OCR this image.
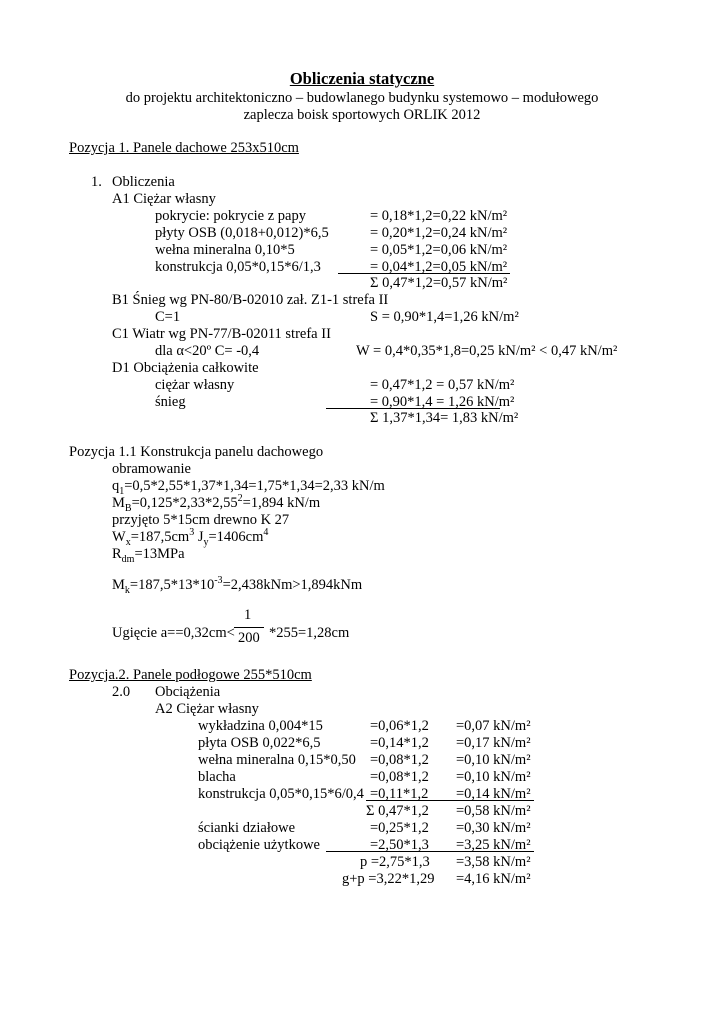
Obliczenia statyczne
do projektu architektoniczno – budowlanego budynku systemowo – modułowego
zaplecza boisk sportowych ORLIK 2012
Pozycja 1. Panele dachowe 253x510cm
1. Obliczenia
A1 Ciężar własny
pokrycie: pokrycie z papy	= 0,18*1,2=0,22 kN/m²
płyty OSB (0,018+0,012)*6,5	= 0,20*1,2=0,24 kN/m²
wełna mineralna 0,10*5	= 0,05*1,2=0,06 kN/m²
konstrukcja 0,05*0,15*6/1,3	= 0,04*1,2=0,05 kN/m²
Σ 0,47*1,2=0,57 kN/m²
B1 Śnieg wg PN-80/B-02010 zał. Z1-1 strefa II
C=1	S = 0,90*1,4=1,26 kN/m²
C1 Wiatr wg PN-77/B-02011 strefa II
dla α<20º C= -0,4	W = 0,4*0,35*1,8=0,25 kN/m² < 0,47 kN/m²
D1 Obciążenia całkowite
ciężar własny	= 0,47*1,2 = 0,57 kN/m²
śnieg	= 0,90*1,4 = 1,26 kN/m²
Σ 1,37*1,34= 1,83 kN/m²
Pozycja 1.1 Konstrukcja panelu dachowego
obramowanie
$q_1=0,5*2,55*1,37*1,34=1,75*1,34=2,33$ kN/m
$M_B=0,125*2,33*2,55^2=1,894$ kN/m
przyjęto 5*15cm drewno K 27
$W_x=187,5cm^3$ $J_y=1406cm^4$
$R_{dm}=13MPa$
$M_k=187,5*13*10^{-3}=2,438kNm>1,894kNm$
Ugięcie a==0,32cm<
1
200 *255=1,28cm
Pozycja.2. Panele podłogowe 255*510cm
2.0 Obciążenia
A2 Ciężar własny
wykładzina 0,004*15	=0,06*1,2 =0,07 kN/m²
płyta OSB 0,022*6,5	=0,14*1,2 =0,17 kN/m²
wełna mineralna 0,15*0,50 =0,08*1,2 =0,10 kN/m²
blacha	=0,08*1,2 =0,10 kN/m²
konstrukcja 0,05*0,15*6/0,4 =0,11*1,2 =0,14 kN/m²
Σ 0,47*1,2 =0,58 kN/m²
ścianki działowe	=0,25*1,2 =0,30 kN/m²
obciążenie użytkowe	=2,50*1,3 =3,25 kN/m²
p =2,75*1,3 =3,58 kN/m²
g+p =3,22*1,29 =4,16 kN/m²
